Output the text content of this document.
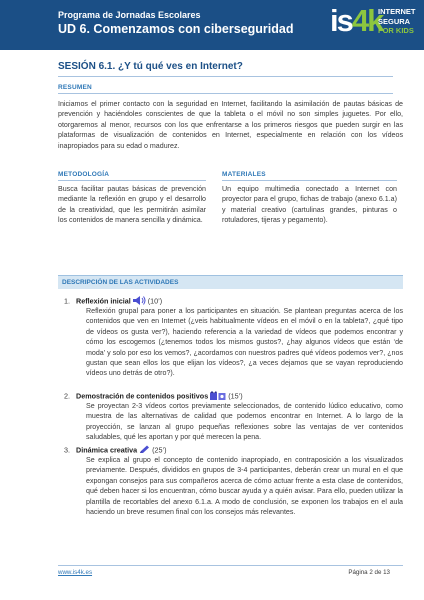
Programa de Jornadas Escolares
UD 6. Comenzamos con ciberseguridad is4k
INTERNET
SEGURA
FOR KIDS
SESIÓN 6.1. ¿Y tú qué ves en Internet?
RESUMEN
Iniciamos el primer contacto con la seguridad en Internet, facilitando la asimilación de pautas básicas de prevención y haciéndoles conscientes de que la tableta o el móvil no son simples juguetes. Por ello, otorgaremos al menor, recursos con los que enfrentarse a los primeros riesgos que pueden surgir en las plataformas de visualización de contenidos en Internet, especialmente en relación con los vídeos inapropiados para su edad o madurez.
METODOLOGÍA
Busca facilitar pautas básicas de prevención mediante la reflexión en grupo y el desarrollo de la creatividad, que les permitirán asimilar los contenidos de manera sencilla y dinámica.
MATERIALES
Un equipo multimedia conectado a Internet con proyector para el grupo, fichas de trabajo (anexo 6.1.a) y material creativo (cartulinas grandes, pinturas o rotuladores, tijeras y pegamento).
DESCRIPCIÓN DE LAS ACTIVIDADES
1. Reflexión inicial (10’)
Reflexión grupal para poner a los participantes en situación. Se plantean preguntas acerca de los contenidos que ven en Internet (¿veis habitualmente vídeos en el móvil o en la tableta?, ¿qué tipo de vídeos os gusta ver?), haciendo referencia a la variedad de vídeos que podemos encontrar y cómo los escogemos (¿tenemos todos los mismos gustos?, ¿hay algunos vídeos que están ‘de moda’ y solo por eso los vemos?, ¿acordamos con nuestros padres qué vídeos podemos ver?, ¿nos gustan que sean ellos los que elijan los vídeos?, ¿a veces dejamos que se vayan reproduciendo vídeos uno detrás de otro?).
2. Demostración de contenidos positivos	(15’)
Se proyectan 2-3 vídeos cortos previamente seleccionados, de contenido lúdico educativo, como muestra de las alternativas de calidad que podemos encontrar en Internet. A lo largo de la proyección, se lanzan al grupo pequeñas reflexiones sobre las ventajas de ver contenidos saludables, qué les aportan y por qué merecen la pena.
3. Dinámica creativa (25’)
Se explica al grupo el concepto de contenido inapropiado, en contraposición a los visualizados previamente. Después, divididos en grupos de 3-4 participantes, deberán crear un mural en el que expongan consejos para sus compañeros acerca de cómo actuar frente a esta clase de contenidos, qué deben hacer si los encuentran, cómo buscar ayuda y a quién avisar. Para ello, pueden utilizar la plantilla de recortables del anexo 6.1.a. A modo de conclusión, se exponen los trabajos en el aula haciendo un breve resumen final con los consejos más relevantes.
www.is4k.es	Página 2 de 13
